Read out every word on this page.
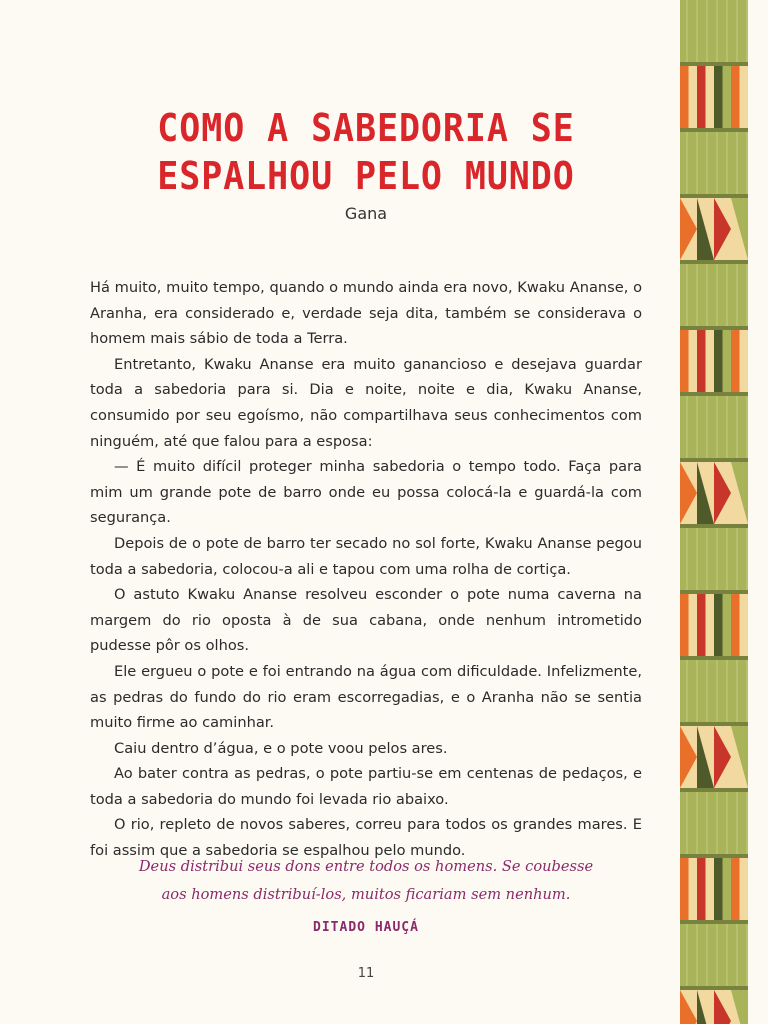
COMO A SABEDORIA SE
ESPALHOU PELO MUNDO
Gana

Há muito, muito tempo, quando o mundo ainda era novo, Kwaku Ananse, o Aranha, era considerado e, verdade seja dita, também se considerava o homem mais sábio de toda a Terra.

Entretanto, Kwaku Ananse era muito ganancioso e desejava guardar toda a sabedoria para si. Dia e noite, noite e dia, Kwaku Ananse, consumido por seu egoísmo, não compartilhava seus conhecimentos com ninguém, até que falou para a esposa:

— É muito difícil proteger minha sabedoria o tempo todo. Faça para mim um grande pote de barro onde eu possa colocá-la e guardá-la com segurança.

Depois de o pote de barro ter secado no sol forte, Kwaku Ananse pegou toda a sabedoria, colocou-a ali e tapou com uma rolha de cortiça.

O astuto Kwaku Ananse resolveu esconder o pote numa caverna na margem do rio oposta à de sua cabana, onde nenhum intrometido pudesse pôr os olhos.

Ele ergueu o pote e foi entrando na água com dificuldade. Infelizmente, as pedras do fundo do rio eram escorregadias, e o Aranha não se sentia muito firme ao caminhar.

Caiu dentro d’água, e o pote voou pelos ares.

Ao bater contra as pedras, o pote partiu-se em centenas de pedaços, e toda a sabedoria do mundo foi levada rio abaixo.

O rio, repleto de novos saberes, correu para todos os grandes mares. E foi assim que a sabedoria se espalhou pelo mundo.

Deus distribui seus dons entre todos os homens. Se coubesse
aos homens distribuí-los, muitos ficariam sem nenhum.
DITADO HAUÇÁ
11
